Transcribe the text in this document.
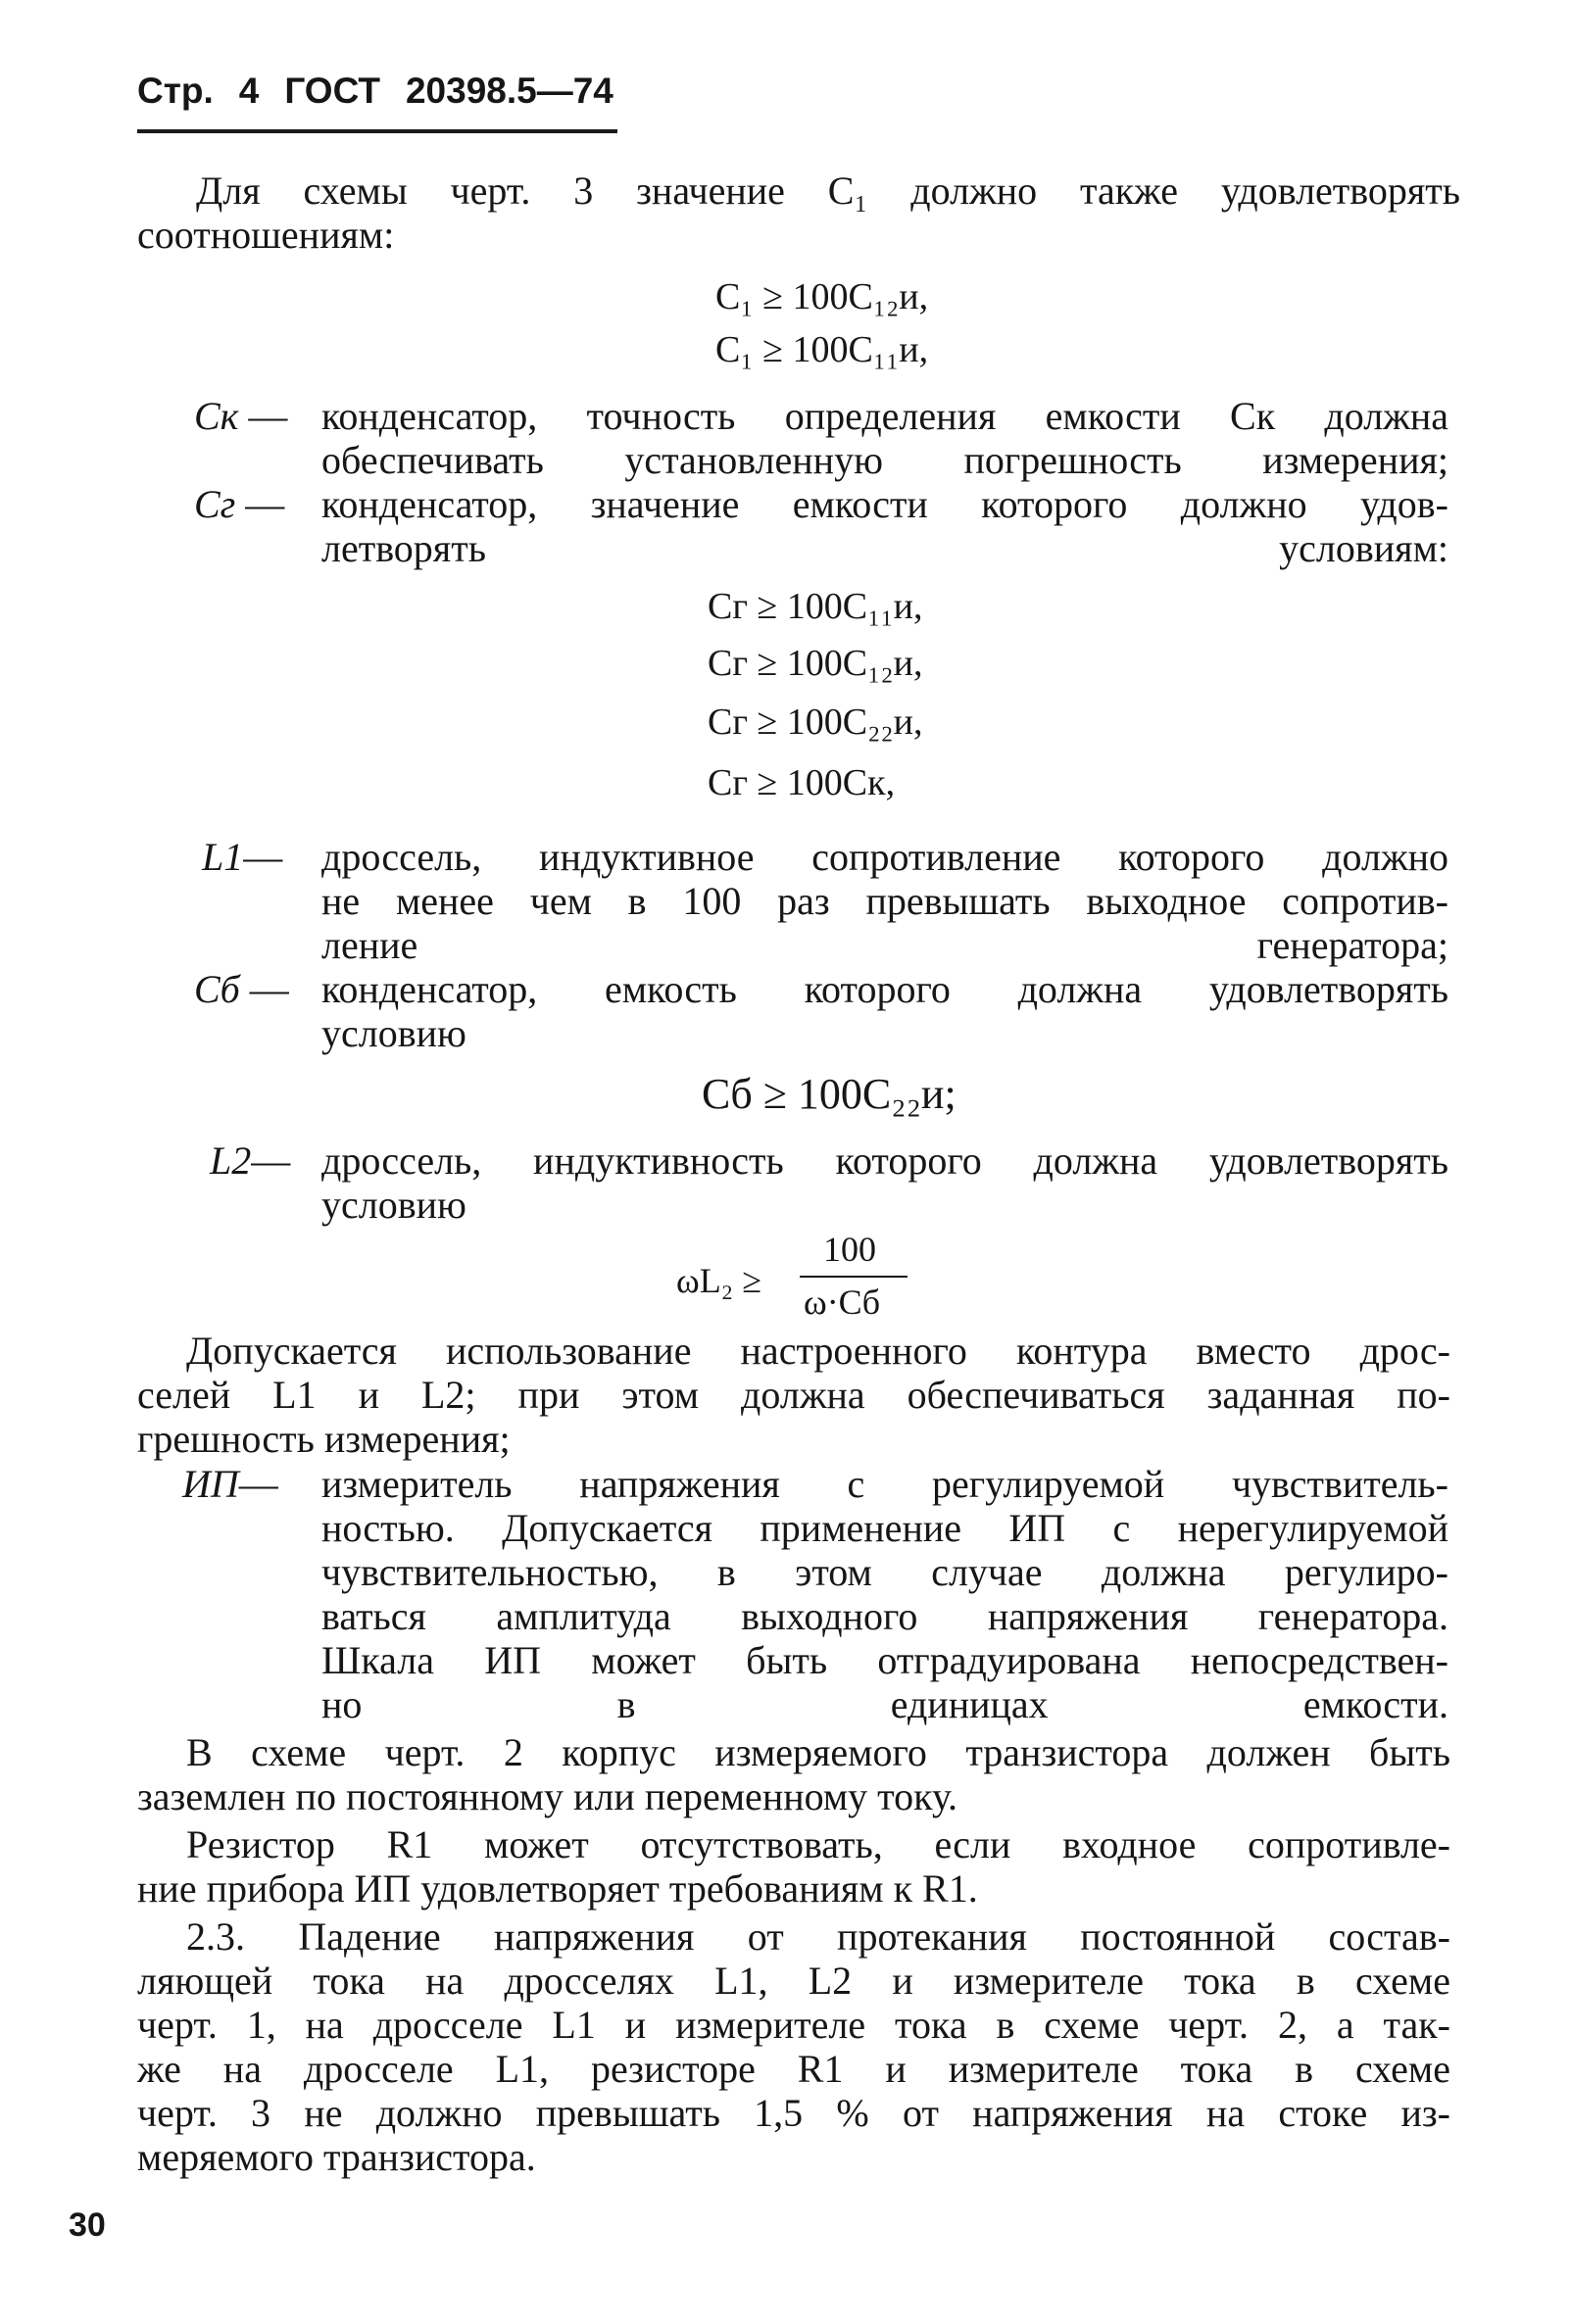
Стр. 4 ГОСТ 20398.5—74
Для схемы черт. 3 значение C₁ должно также удовлетворять
соотношениям:
C₁ ≥ 100C₁₂и,
C₁ ≥ 100C₁₁и,
Cк — конденсатор, точность определения емкости Cк должна
обеспечивать установленную погрешность измерения;
Cг — конденсатор, значение емкости которого должно удов-
летворять условиям:
Cг ≥ 100C₁₁и,
Cг ≥ 100C₁₂и,
Cг ≥ 100C₂₂и,
Cг ≥ 100Cк,
L1— дроссель, индуктивное сопротивление которого должно
не менее чем в 100 раз превышать выходное сопротив-
ление генератора;
Cб — конденсатор, емкость которого должна удовлетворять
условию
Cб ≥ 100C₂₂и;
L2— дроссель, индуктивность которого должна удовлетворять
условию
ωL₂ ≥
100
ω·Cб
Допускается использование настроенного контура вместо дрос-
селей L1 и L2; при этом должна обеспечиваться заданная по-
грешность измерения;
ИП— измеритель напряжения с регулируемой чувствитель-
ностью. Допускается применение ИП с нерегулируемой
чувствительностью, в этом случае должна регулиро-
ваться амплитуда выходного напряжения генератора.
Шкала ИП может быть отградуирована непосредствен-
но в единицах емкости.
В схеме черт. 2 корпус измеряемого транзистора должен быть
заземлен по постоянному или переменному току.
Резистор R1 может отсутствовать, если входное сопротивле-
ние прибора ИП удовлетворяет требованиям к R1.
2.3. Падение напряжения от протекания постоянной состав-
ляющей тока на дросселях L1, L2 и измерителе тока в схеме
черт. 1, на дросселе L1 и измерителе тока в схеме черт. 2, а так-
же на дросселе L1, резисторе R1 и измерителе тока в схеме
черт. 3 не должно превышать 1,5 % от напряжения на стоке из-
меряемого транзистора.
30
